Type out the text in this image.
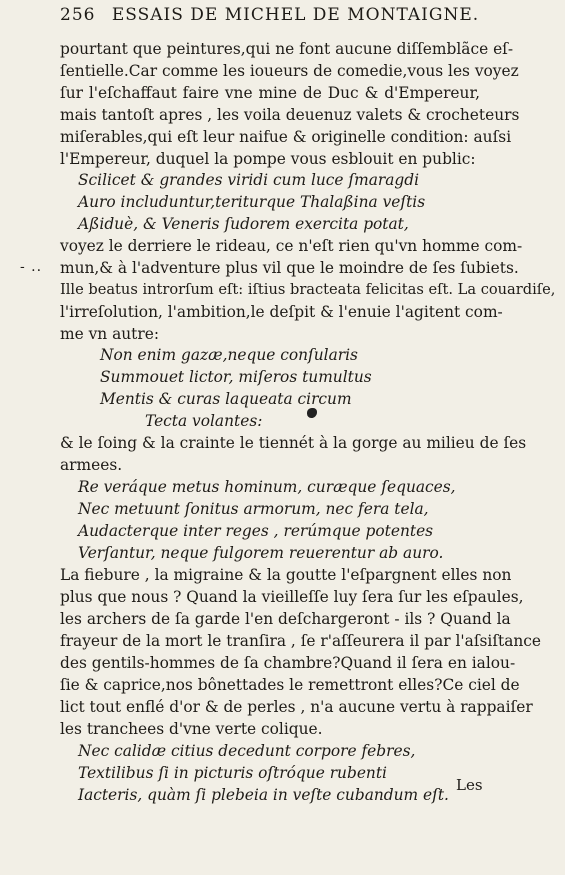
256 ESSAIS DE MICHEL DE MONTAIGNE.
- ..
pourtant que peintures,qui ne font aucune diſſemblãce eſ-
ſentielle.Car comme les ioueurs de comedie,vous les voyez
ſur l'eſchaffaut faire vne mine de Duc & d'Empereur,
mais tantoſt apres , les voila deuenuz valets & crocheteurs
miſerables,qui eſt leur naifue & originelle condition: auſsi
l'Empereur, duquel la pompe vous esblouit en public:
Scilicet & grandes viridi cum luce ſmaragdi
Auro includuntur,teriturque Thalaßina veſtis
Aßiduè, & Veneris ſudorem exercita potat,
voyez le derriere le rideau, ce n'eſt rien qu'vn homme com-
mun,& à l'adventure plus vil que le moindre de ſes ſubiets.
Ille beatus introrſum eſt: iſtius bracteata felicitas eſt. La couardiſe,
l'irreſolution, l'ambition,le deſpit & l'enuie l'agitent com-
me vn autre:
Non enim gazæ,neque conſularis
Summouet lictor, miſeros tumultus
Mentis & curas laqueata circum
Tecta volantes:
& le ſoing & la crainte le tiennét à la gorge au milieu de ſes
armees.
Re veráque metus hominum, curæque ſequaces,
Nec metuunt ſonitus armorum, nec fera tela,
Audacterque inter reges , rerúmque potentes
Verſantur, neque fulgorem reuerentur ab auro.
La fiebure , la migraine & la goutte l'eſpargnent elles non
plus que nous ? Quand la vieilleſſe luy ſera ſur les eſpaules,
les archers de ſa garde l'en deſchargeront - ils ? Quand la
frayeur de la mort le tranſira , ſe r'aſſeurera il par l'aſsiſtance
des gentils-hommes de ſa chambre?Quand il ſera en ialou-
ſie & caprice,nos bônettades le remettront elles?Ce ciel de
lict tout enflé d'or & de perles , n'a aucune vertu à rappaiſer
les tranchees d'vne verte colique.
Nec calidæ citius decedunt corpore febres,
Textilibus ſi in picturis oſtróque rubenti
Iacteris, quàm ſi plebeia in veſte cubandum eſt.
Les
